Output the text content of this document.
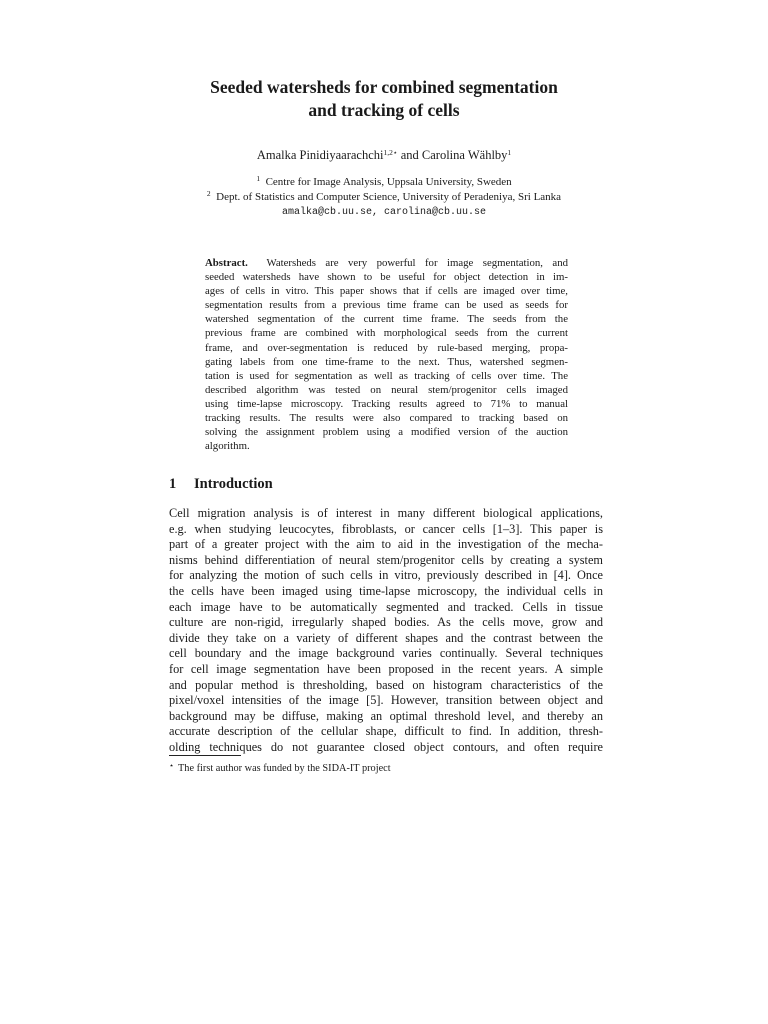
Seeded watersheds for combined segmentation
and tracking of cells
Amalka Pinidiyaarachchi$^{1,2⋆}$ and Carolina Wählby$^1$
$^1$ Centre for Image Analysis, Uppsala University, Sweden
$^2$ Dept. of Statistics and Computer Science, University of Peradeniya, Sri Lanka
amalka@cb.uu.se, carolina@cb.uu.se
Abstract. Watersheds are very powerful for image segmentation, and
seeded watersheds have shown to be useful for object detection in im-
ages of cells in vitro. This paper shows that if cells are imaged over time,
segmentation results from a previous time frame can be used as seeds for
watershed segmentation of the current time frame. The seeds from the
previous frame are combined with morphological seeds from the current
frame, and over-segmentation is reduced by rule-based merging, propa-
gating labels from one time-frame to the next. Thus, watershed segmen-
tation is used for segmentation as well as tracking of cells over time. The
described algorithm was tested on neural stem/progenitor cells imaged
using time-lapse microscopy. Tracking results agreed to 71% to manual
tracking results. The results were also compared to tracking based on
solving the assignment problem using a modified version of the auction
algorithm.
1 Introduction
Cell migration analysis is of interest in many different biological applications,
e.g. when studying leucocytes, fibroblasts, or cancer cells [1–3]. This paper is
part of a greater project with the aim to aid in the investigation of the mecha-
nisms behind differentiation of neural stem/progenitor cells by creating a system
for analyzing the motion of such cells in vitro, previously described in [4]. Once
the cells have been imaged using time-lapse microscopy, the individual cells in
each image have to be automatically segmented and tracked. Cells in tissue
culture are non-rigid, irregularly shaped bodies. As the cells move, grow and
divide they take on a variety of different shapes and the contrast between the
cell boundary and the image background varies continually. Several techniques
for cell image segmentation have been proposed in the recent years. A simple
and popular method is thresholding, based on histogram characteristics of the
pixel/voxel intensities of the image [5]. However, transition between object and
background may be diffuse, making an optimal threshold level, and thereby an
accurate description of the cellular shape, difficult to find. In addition, thresh-
olding techniques do not guarantee closed object contours, and often require
⋆ The first author was funded by the SIDA-IT project
